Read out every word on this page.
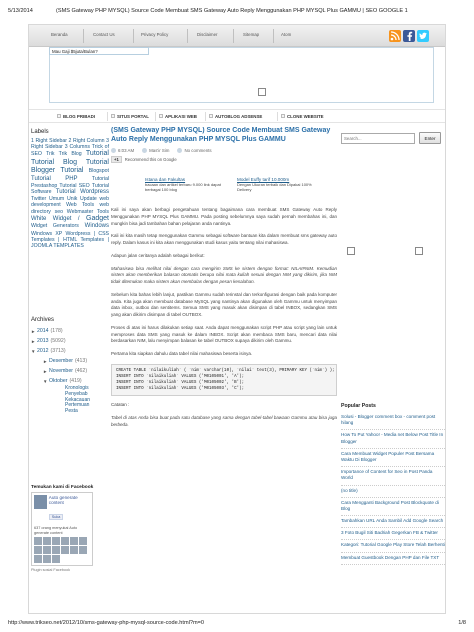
5/13/2014	(SMS Gateway PHP MYSQL) Source Code Membuat SMS Gateway Auto Reply Menggunakan PHP MYSQL Plus GAMMU | SEO GOOGLE 1
Beranda	Contact Us	Privacy Policy	Disclaimer	Sitemap	Atom
Mau Gaji $5juta/Bulan?
BLOG PRIBADI	SITUS PORTAL	APLIKASI WEB	AUTOBLOG ADSENSE	CLONE WEBSITE
Labels
1 Right Sidebar 2 Right Column 3 Right Sidebar 3 Columns Trick of SEO Trik Trik Blog Tutorial Tutorial Blog Tutorial Blogger Tutorial Blogspot Tutorial PHP Tutorial Prestashop Tutorial SEO Tutorial Software Tutorial Wordpress Twitter Umum Unik Update web development Web Tools web directory seo Webmaster Tools White Widget / Gadget Widget Generators Windows Windows XP Wordpress | CSS Templates | HTML Templates | JOOMLA TEMPLATES
Archives
► 2014 (178)
► 2013 (5092)
▼ 2012 (3713)
► Desember (413)
► November (462)
▼ Oktober (419)
Kronologis
Penyebab
Kekacauan
Pertemuan
Pesta
Temukan kami di Facebook
Auto generate content
Suka
637 orang menyukai Auto generate content
Plugin sosial Facebook
(SMS Gateway PHP MYSQL) Source Code Membuat SMS Gateway Auto Reply Menggunakan PHP MYSQL Plus GAMMU
6:03 AM	Mas'ir Sim	No comments
+1	Recommend this on Google
Istana dan Fakultas
bacaan dan artikel terbaru 9.000 link dapat berbagai 100 blog
Model Euffy tarif 10.000m
Dengan Ukuran terbaik dan Dipakai 100% Delivery

Kali ini saya akan berbagi pengetahuan tentang bagaimana cara membuat SMS Gateway Auto Reply Menggunakan PHP MYSQL Plus GAMMU. Pada posting sebelumnya saya sudah pernah membahas ini, dan mungkin bisa jadi tambahan bahan pelajaran anda nantinya.

Kali ini kita masih tetap menggunakan Gammu sebagai software bantuan kita dalam membuat sms gateway auto reply. Dalam kasus ini kita akan menggunakan studi kasus yaitu tentang nilai mahasiswa.

Adapun jalan ceritanya adalah sebagai berikut:

Mahasiswa bisa melihat nilai dengan cara mengirim SMS ke sistem dengan format: NILAI#NIM. Kemudian sistem akan memberikan balasan otomatis berupa nilai mata kuliah sesuai dengan NIM yang dikirim, jika NIM tidak ditemukan maka sistem akan membalas dengan pesan kesalahan.

Sebelum kita bahas lebih lanjut, pastikan Gammu sudah terinstal dan terkonfigurasi dengan baik pada komputer anda. Kita juga akan membuat database MySQL yang nantinya akan digunakan oleh Gammu untuk menyimpan data inbox, outbox dan sentitems. Semua SMS yang masuk akan disimpan di tabel INBOX, sedangkan SMS yang akan dikirim disimpan di tabel OUTBOX.

Proses di atas ini harus dilakukan setiap saat. Anda dapat menggunakan script PHP atau script yang lain untuk memproses data SMS yang masuk ke dalam INBOX. Script akan membaca SMS baru, mencari data nilai berdasarkan NIM, lalu menyimpan balasan ke tabel OUTBOX supaya dikirim oleh Gammu.

Pertama kita siapkan dahulu data tabel nilai mahasiswa beserta isinya.

CREATE TABLE `nilaikuliah` ( `nim` varchar(10), `nilai` text(3), PRIMARY KEY (`nim`) );
INSERT INTO `nilaikuliah` VALUES ('M0105001', 'A');
INSERT INTO `nilaikuliah` VALUES ('M0105002', 'B');
INSERT INTO `nilaikuliah` VALUES ('M0105003', 'C');

Catatan :

Tabel di atas Anda bisa buat pada satu database yang sama dengan tabel-tabel bawaan Gammu atau bisa juga berbeda.

Search...
Enter
Popular Posts
Solusi - Blogger comment box - comment post hilang
How To Put Yahoo! - Media net Below Post Title In Blogger
Cara Membuat Widget Populer Post Bersama Waktu Di Blogger
Importance of Content for Seo in Post Panda World
(no title)
Cara Mengganti Background Post Blockquote di Blog
Tambahkan URL Anda Sambil Add Google Search
3 Foto Bugil Siti Badriah Gegerkan FB & Twitter
Kategori: Tutorial Google Play Store Telah Berhenti
Membuat Guestbook Dengan PHP dan File TXT
http://www.trikseo.net/2012/10/sms-gateway-php-mysql-source-code.html?m=0	1/8
